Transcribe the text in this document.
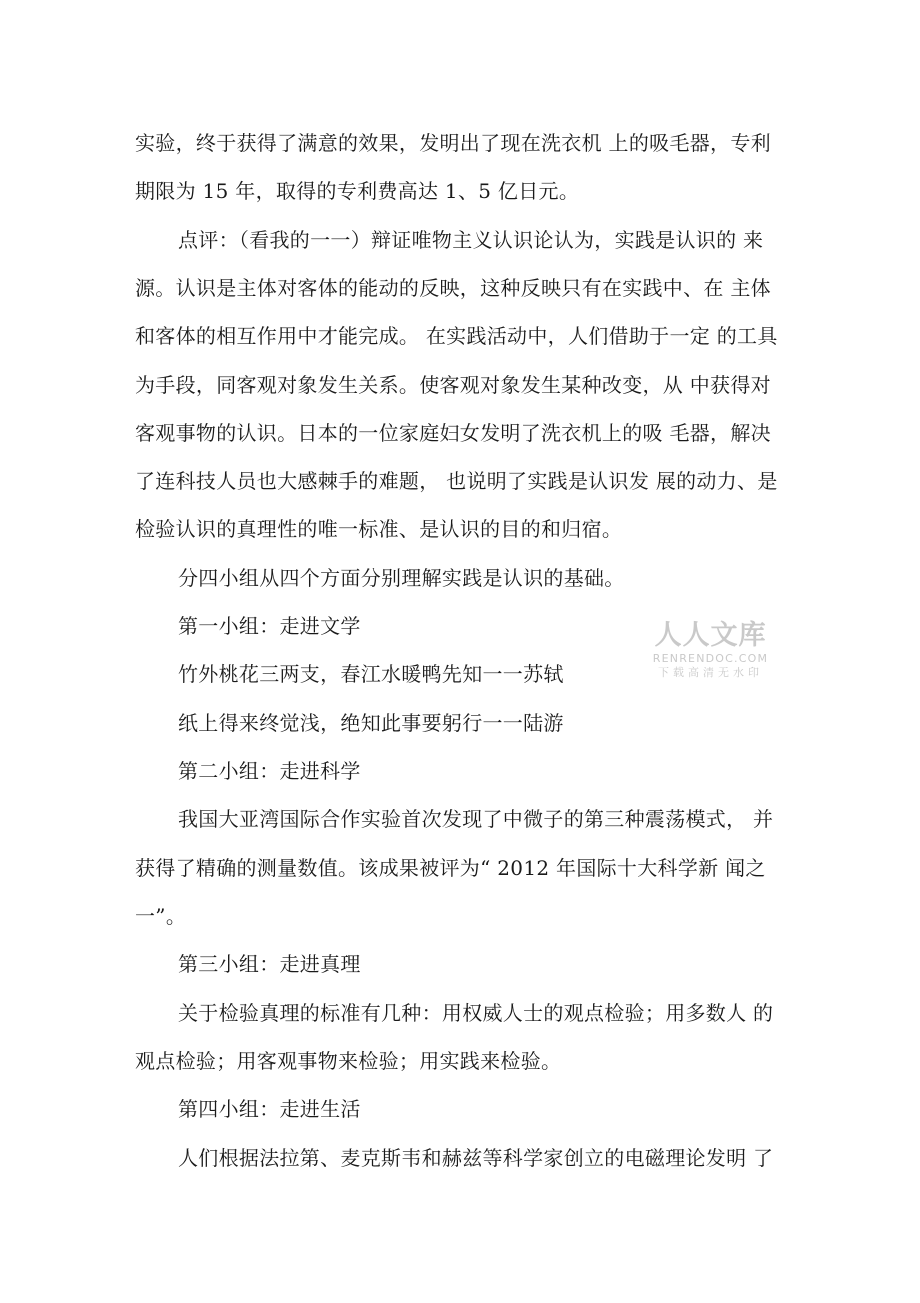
实验，终于获得了满意的效果，发明出了现在洗衣机 上的吸毛器，专利
期限为 15 年，取得的专利费高达 1、5 亿日元。
点评：（看我的一一）辩证唯物主义认识论认为，实践是认识的 来
源。认识是主体对客体的能动的反映，这种反映只有在实践中、在 主体
和客体的相互作用中才能完成。 在实践活动中，人们借助于一定 的工具
为手段，同客观对象发生关系。使客观对象发生某种改变，从 中获得对
客观事物的认识。日本的一位家庭妇女发明了洗衣机上的吸 毛器，解决
了连科技人员也大感棘手的难题， 也说明了实践是认识发 展的动力、是
检验认识的真理性的唯一标准、是认识的目的和归宿。
分四小组从四个方面分别理解实践是认识的基础。
第一小组：走进文学
竹外桃花三两支，春江水暖鸭先知一一苏轼
纸上得来终觉浅，绝知此事要躬行一一陆游
第二小组：走进科学
我国大亚湾国际合作实验首次发现了中微子的第三种震荡模式， 并
获得了精确的测量数值。该成果被评为“ 2012 年国际十大科学新 闻之
一”。
第三小组：走进真理
关于检验真理的标准有几种：用权威人士的观点检验；用多数人 的
观点检验；用客观事物来检验；用实践来检验。
第四小组：走进生活
人们根据法拉第、麦克斯韦和赫兹等科学家创立的电磁理论发明 了
人人文库
RENRENDOC.COM
下载高清无水印
